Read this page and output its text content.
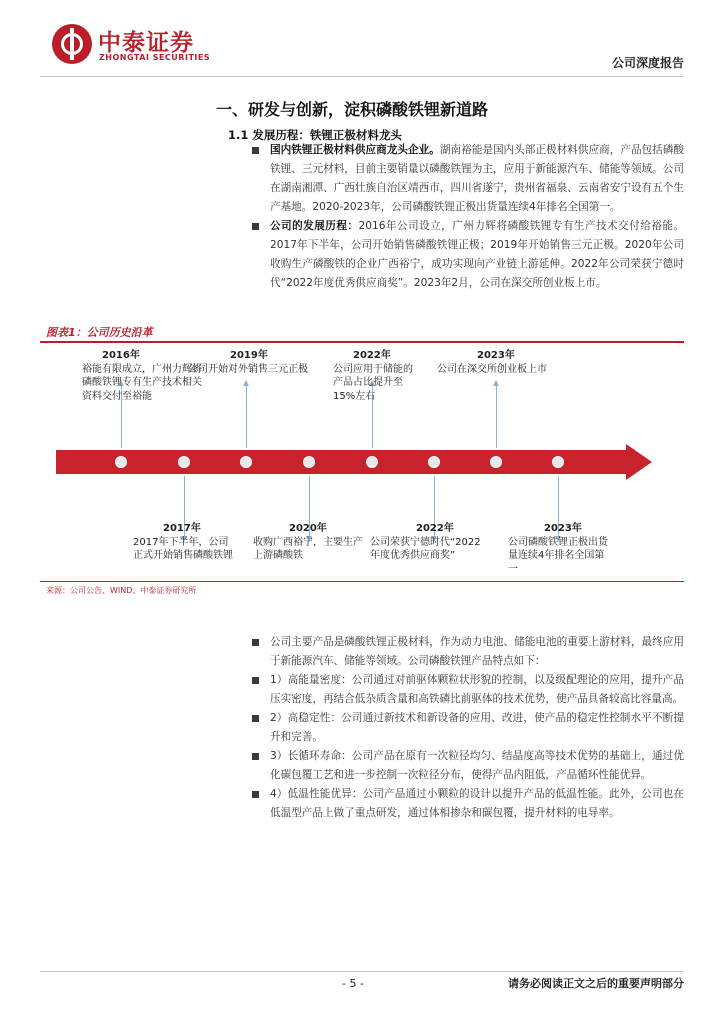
中泰证券
ZHONGTAI SECURITIES	公司深度报告
一、研发与创新，淀积磷酸铁锂新道路
1.1 发展历程：铁锂正极材料龙头
国内铁锂正极材料供应商龙头企业。湖南裕能是国内头部正极材料供应商，产品包括磷酸铁锂、三元材料，目前主要销量以磷酸铁锂为主，应用于新能源汽车、储能等领域。公司在湖南湘潭、广西壮族自治区靖西市，四川省遂宁，贵州省福泉、云南省安宁设有五个生产基地。2020-2023年，公司磷酸铁锂正极出货量连续4年排名全国第一。
公司的发展历程：2016年公司设立，广州力辉将磷酸铁锂专有生产技术交付给裕能。2017年下半年，公司开始销售磷酸铁锂正极；2019年开始销售三元正极。2020年公司收购生产磷酸铁的企业广西裕宁，成功实现向产业链上游延伸。2022年公司荣获宁德时代“2022年度优秀供应商奖”。2023年2月，公司在深交所创业板上市。
图表1：公司历史沿革
2016年
裕能有限成立，广州力辉将磷酸铁锂专有生产技术相关资料交付至裕能
2019年
公司开始对外销售三元正极
2022年
公司应用于储能的产品占比提升至15%左右
2023年
公司在深交所创业板上市
2017年
2017年下半年，公司正式开始销售磷酸铁锂
2020年
收购广西裕宁，主要生产上游磷酸铁
2022年
公司荣获宁德时代“2022年度优秀供应商奖”
2023年
公司磷酸铁锂正极出货量连续4年排名全国第一
来源：公司公告、WIND、中泰证券研究所
公司主要产品是磷酸铁锂正极材料，作为动力电池、储能电池的重要上游材料，最终应用于新能源汽车、储能等领域。公司磷酸铁锂产品特点如下：
1）高能量密度：公司通过对前驱体颗粒状形貌的控制，以及级配理论的应用，提升产品压实密度，再结合低杂质含量和高铁磷比前驱体的技术优势，使产品具备较高比容量高。
2）高稳定性：公司通过新技术和新设备的应用、改进，使产品的稳定性控制水平不断提升和完善。
3）长循环寿命：公司产品在原有一次粒径均匀、结晶度高等技术优势的基础上，通过优化碳包覆工艺和进一步控制一次粒径分布，使得产品内阻低，产品循环性能优异。
4）低温性能优异：公司产品通过小颗粒的设计以提升产品的低温性能。此外，公司也在低温型产品上做了重点研发，通过体相掺杂和碳包覆，提升材料的电导率。
- 5 -	请务必阅读正文之后的重要声明部分
